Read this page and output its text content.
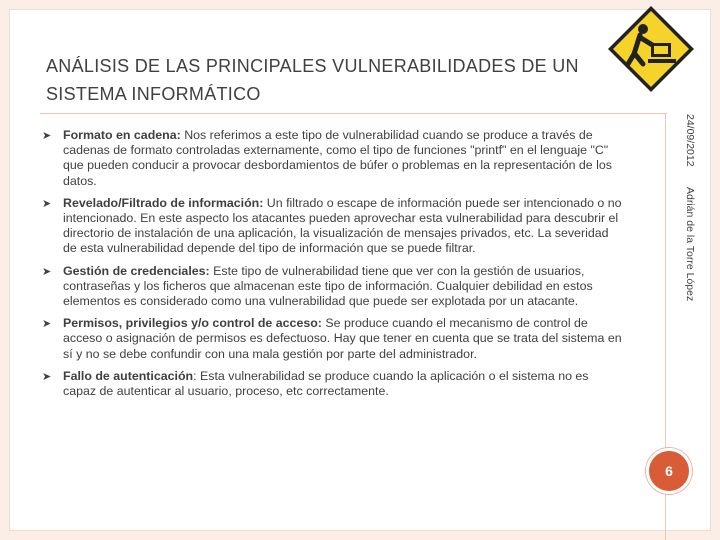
ANÁLISIS DE LAS PRINCIPALES VULNERABILIDADES DE UN SISTEMA INFORMÁTICO
➤ Formato en cadena: Nos referimos a este tipo de vulnerabilidad cuando se produce a través de cadenas de formato controladas externamente, como el tipo de funciones "printf" en el lenguaje "C" que pueden conducir a provocar desbordamientos de búfer o problemas en la representación de los datos.
➤ Revelado/Filtrado de información: Un filtrado o escape de información puede ser intencionado o no intencionado. En este aspecto los atacantes pueden aprovechar esta vulnerabilidad para descubrir el directorio de instalación de una aplicación, la visualización de mensajes privados, etc. La severidad de esta vulnerabilidad depende del tipo de información que se puede filtrar.
➤ Gestión de credenciales: Este tipo de vulnerabilidad tiene que ver con la gestión de usuarios, contraseñas y los ficheros que almacenan este tipo de información. Cualquier debilidad en estos elementos es considerado como una vulnerabilidad que puede ser explotada por un atacante.
➤ Permisos, privilegios y/o control de acceso: Se produce cuando el mecanismo de control de acceso o asignación de permisos es defectuoso. Hay que tener en cuenta que se trata del sistema en sí y no se debe confundir con una mala gestión por parte del administrador.
➤ Fallo de autenticación: Esta vulnerabilidad se produce cuando la aplicación o el sistema no es capaz de autenticar al usuario, proceso, etc correctamente.
24/09/2012
Adrián de la Torre López
6
